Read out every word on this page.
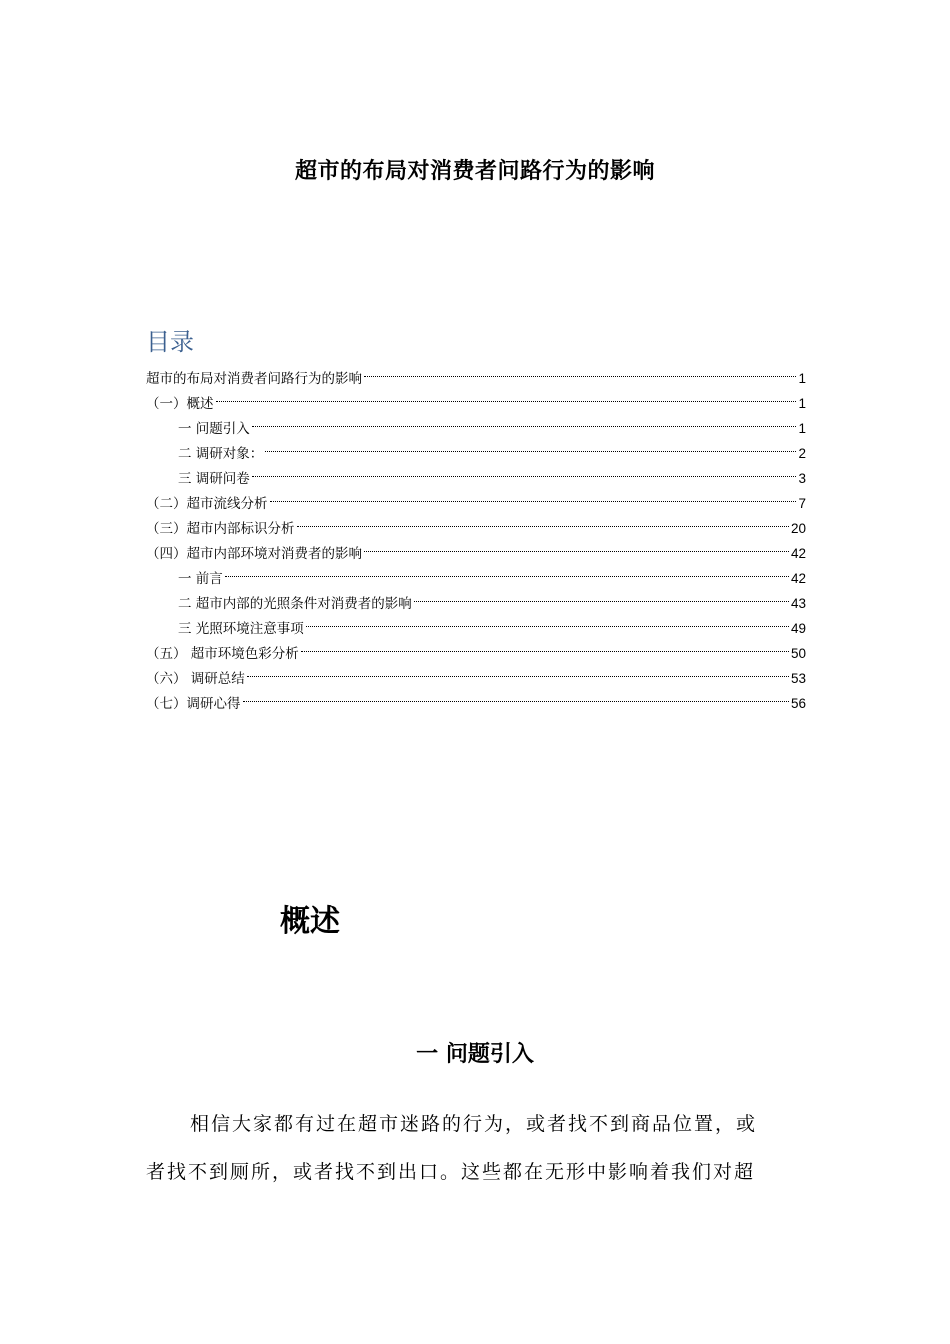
超市的布局对消费者问路行为的影响
目录
超市的布局对消费者问路行为的影响	1
（一）概述	1
一 问题引入	1
二 调研对象：	2
三 调研问卷	3
（二）超市流线分析	7
（三）超市内部标识分析	20
（四）超市内部环境对消费者的影响	42
一 前言	42
二 超市内部的光照条件对消费者的影响	43
三 光照环境注意事项	49
（五） 超市环境色彩分析	50
（六） 调研总结	53
（七）调研心得	56
概述
一 问题引入
相信大家都有过在超市迷路的行为，或者找不到商品位置，或
者找不到厕所，或者找不到出口。这些都在无形中影响着我们对超
